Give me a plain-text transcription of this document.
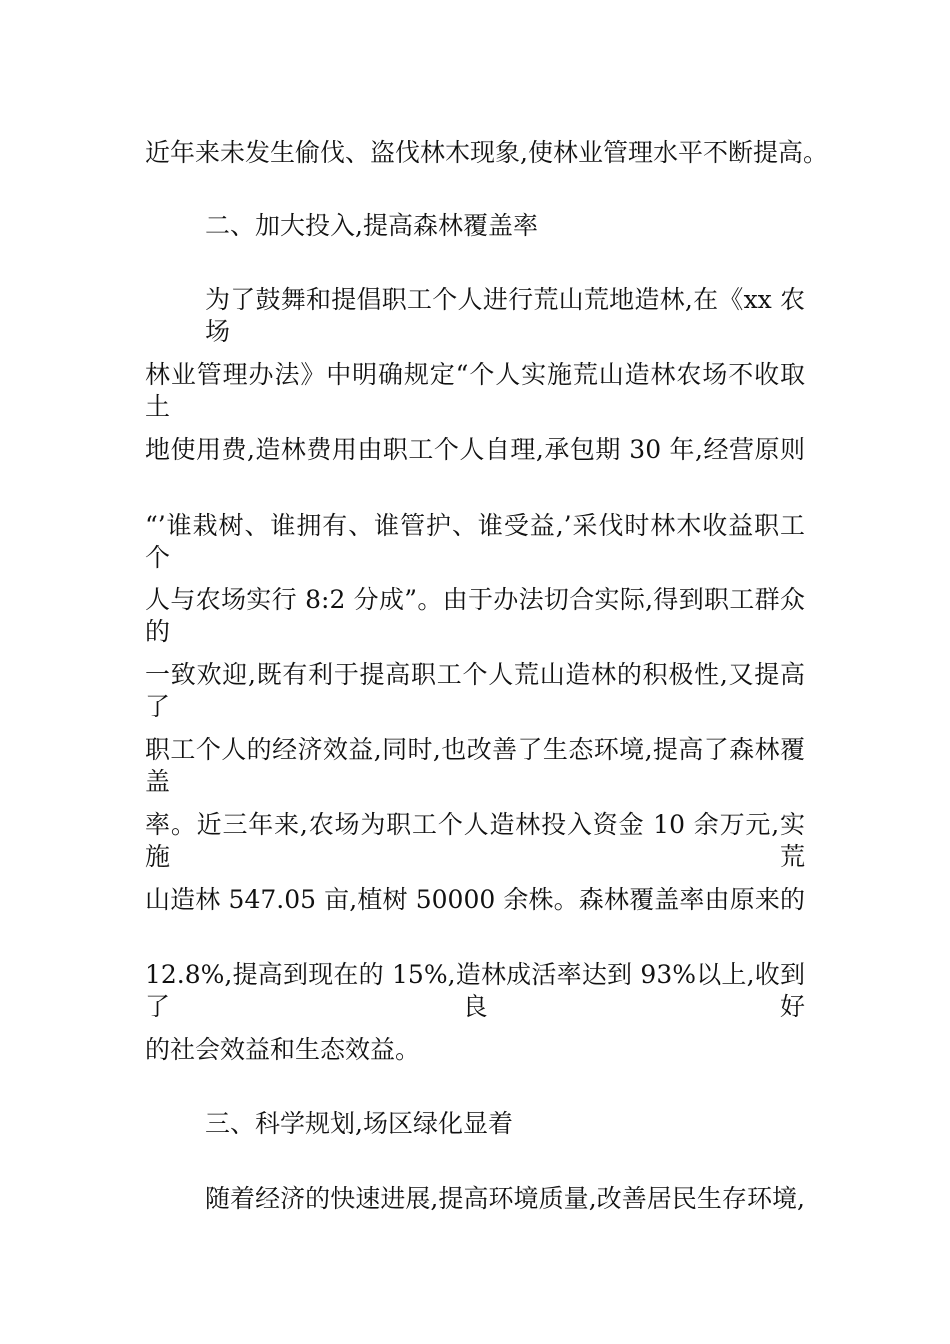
近年来未发生偷伐、盗伐林木现象,使林业管理水平不断提高。
二、加大投入,提高森林覆盖率
为了鼓舞和提倡职工个人进行荒山荒地造林,在《xx 农场
林业管理办法》中明确规定“个人实施荒山造林农场不收取土
地使用费,造林费用由职工个人自理,承包期 30 年,经营原则
“’谁栽树、谁拥有、谁管护、谁受益,’采伐时林木收益职工个
人与农场实行 8:2 分成”。由于办法切合实际,得到职工群众的
一致欢迎,既有利于提高职工个人荒山造林的积极性,又提高了
职工个人的经济效益,同时,也改善了生态环境,提高了森林覆盖
率。近三年来,农场为职工个人造林投入资金 10 余万元,实施荒
山造林 547.05 亩,植树 50000 余株。森林覆盖率由原来的
12.8%,提高到现在的 15%,造林成活率达到 93%以上,收到了良好
的社会效益和生态效益。
三、科学规划,场区绿化显着
随着经济的快速进展,提高环境质量,改善居民生存环境,
